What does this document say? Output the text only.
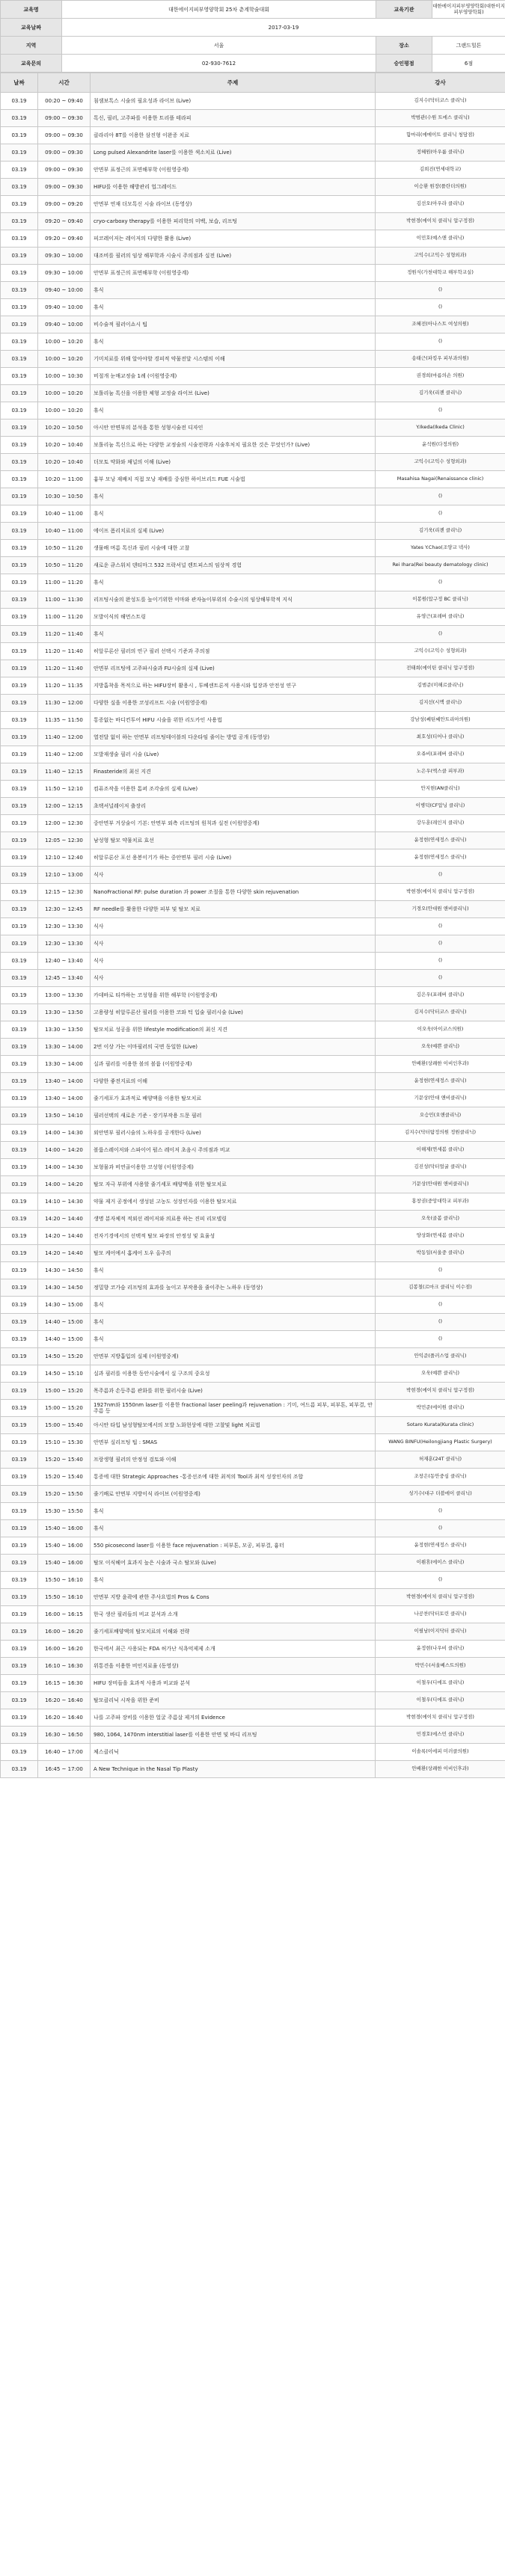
교육명	대한에이지피부영양학회 25차 춘계학술대회	교육기관	대한에이지피부영양학회(대한이지피부영양학회)
교육날짜	2017-03-19		
지역	서울	장소	그랜드힐튼
교육문의	02-930-7612	승인평점	6점
날짜	시간	주제	강사
03.19	00:20 ~ 09:40	침샘보톡스 시술의 필요성과 라이브 (Live)	김지수(닥터코스 클리닉)
03.19	09:00 ~ 09:30	톡신, 필러, 고주파를 이용한 트리플 테라피	박범관(수원 트에스 클리닉)
03.19	09:00 ~ 09:30	클라리아 8T를 이용한 삼진형 이완증 치료	함마리(에메이트 클리닉 청담점)
03.19	09:00 ~ 09:30	Long pulsed Alexandrite laser를 이용한 색소치료 (Live)	정혜원(아우룸 클리닉)
03.19	09:00 ~ 09:30	안면부 표정근의 포면해부학 (이원영중계)	김희진(연세대학교)
03.19	09:00 ~ 09:30	HIFU를 이용한 해방관리 업그레이드	이승환 원장(플란더의원)
03.19	09:00 ~ 09:20	안면부 연재 더모톡신 시술 라이브 (동영상)	김선오(아우라 클리닉)
03.19	09:20 ~ 09:40	cryo-carboxy therapy를 이용한 피리학의 미백, 보습, 리프팅	박현경(에이치 클리닉 압구정점)
03.19	09:20 ~ 09:40	피코레이저는 레이저의 다양한 활용 (Live)	이민호(예스앤 클리닉)
03.19	09:30 ~ 10:00	대조비를 필러의 임상 해부학과 시술시 주의점과 실전 (Live)	고익수(고익수 성형외과)
03.19	09:30 ~ 10:00	안면부 표정근의 표면해부학 (이원영중계)	정원식(가천대학교 해부학교실)
03.19	09:40 ~ 10:00	휴식	()
03.19	09:40 ~ 10:00	휴식	()
03.19	09:40 ~ 10:00	비수술적 필러이쇼시 팁	조혜전(아나스트 여성의원)
03.19	10:00 ~ 10:20	휴식	()
03.19	10:00 ~ 10:20	기미치료를 위해 알아야할 경피적 약물전달 시스템의 이해	송태근(파킹우 피부과의원)
03.19	10:00 ~ 10:30	비절개 눈매교정술 1례 (이원영중계)	권경희(마름의손 의원)
03.19	10:00 ~ 10:20	보톨리눔 톡신을 이용한 체형 교정술 라이브 (Live)	김기욱(리젠 클리닉)
03.19	10:00 ~ 10:20	휴식	()
03.19	10:20 ~ 10:50	아시안 안면부의 분석을 통한 성형시술전 디자인	Y.Ikeda(Ikeda Clinic)
03.19	10:20 ~ 10:40	보톨리눔 톡신으로 하는 다양한 교정술의 시술전략과 시술후처치 필요한 것은 무엇인가? (Live)	윤석원(다정의원)
03.19	10:20 ~ 10:40	더모토 약화와 채널의 이해 (Live)	고익수(고익수 성형외과)
03.19	10:20 ~ 11:00	흉부 모낭 재배치 직접 모낭 재배를 중심한 하이브리드 FUE 시술법	Masahisa Nagai(Renaissance clinic)
03.19	10:30 ~ 10:50	휴식	()
03.19	10:40 ~ 11:00	휴식	()
03.19	10:40 ~ 11:00	에이프 폼리치료의 실제 (Live)	김기욱(리젠 클리닉)
03.19	10:50 ~ 11:20	생물배 며름 톡신과 필러 시술에 대한 고찰	Yates Y.Chao(조양교 넥사)
03.19	10:50 ~ 11:20	새로운 큐스워치 덴티마그 532 프락셔널 렌트피스의 임상적 경험	Rei Ihara(Rei beauty dematology clinic)
03.19	11:00 ~ 11:20	휴식	()
03.19	11:00 ~ 11:30	리프팅시술의 완성도를 높이기위한 이마와 관자놀이부위의 수술시의 임상해부학적 지식	이봉원(압구정 BC 클리닉)
03.19	11:00 ~ 11:20	모발이식의 해먼스트링	유영근(포레버 클리닉)
03.19	11:20 ~ 11:40	휴식	()
03.19	11:20 ~ 11:40	히알루론산 필러의 연구 필러 선택시 기준과 주의점	고익수(고익수 성형외과)
03.19	11:20 ~ 11:40	안면부 리프팅에 고주파시술과 FU시술의 실제 (Live)	전태희(에이틴 클리닉 압구정점)
03.19	11:20 ~ 11:35	지방흡착을 목적으로 하는 HIFU장비 활용시 , 투베센트론적 사용시와 입장과 안전성 연구	김범준(미해르클리닉)
03.19	11:30 ~ 12:00	다양한 실을 이용한 코성리프트 시술 (이원영중계)	김지선(시맥 클리닉)
03.19	11:35 ~ 11:50	통증없는 바디컨투어 HIFU 시술을 위한 리도카인 사용법	강남성(쎄틴쎄안트리아의원)
03.19	11:40 ~ 12:00	열전달 없이 하는 안면부 리프팅테이블의 다운타임 줄이는 방법 공개 (동영상)	최호성(티어나 클리닉)
03.19	11:40 ~ 12:00	모발재생술 필러 시술 (Live)	오쥬비(포레버 클리닉)
03.19	11:40 ~ 12:15	Finasteride의 최신 지견	노은우(엑스클 피부과)
03.19	11:50 ~ 12:10	컴퓨조작을 이용한 톰퍼 조각술의 실제 (Live)	안지현(AN클리닉)
03.19	12:00 ~ 12:15	초택셔널레이저 출장리	이병덕(CF압닝 클리닉)
03.19	12:00 ~ 12:30	중안면부 거상술이 기본: 안면부 외측 리프팅의 원칙과 실전 (이원영중계)	강두훈(레인지 클리닉)
03.19	12:05 ~ 12:30	남성형 탈모 약물치료 효선	윤정현(연세정스 클리닉)
03.19	12:10 ~ 12:40	히알루론산 포선 용봉이기가 하는 중안면부 필러 시술 (Live)	윤정현(연세정스 클리닉)
03.19	12:10 ~ 13:00	식사	()
03.19	12:15 ~ 12:30	NanoFractional RF: pulse duration 과 power 조절을 통한 다양한 skin rejuvenation	박현경(에이치 클리닉 압구정점)
03.19	12:30 ~ 12:45	RF needle를 활용한 다양한 피부 및 탈모 치료	기경오(안대원 앤비클리닉)
03.19	12:30 ~ 13:30	식사	()
03.19	12:30 ~ 13:30	식사	()
03.19	12:40 ~ 13:40	식사	()
03.19	12:45 ~ 13:40	식사	()
03.19	13:00 ~ 13:30	카데바로 티까하는 코성형을 위한 해부학 (이원영중계)	김은우(포레버 클리닉)
03.19	13:30 ~ 13:50	고용량성 히알루론산 필러를 이용한 코와 턱 입술 필러시술 (Live)	김지수(닥터코스 클리닉)
03.19	13:30 ~ 13:50	탈모치료 성공을 위한 lifestyle modification의 최신 지견	이오욱(아이코스의원)
03.19	13:30 ~ 14:00	2번 이상 가는 이마필러의 국면 동일한 (Live)	오욱(예쁜 클리닉)
03.19	13:30 ~ 14:00	실과 필러를 이용한 볼의 볼륨 (이원영중계)	안배환(상쾌한 이비인후과)
03.19	13:40 ~ 14:00	다양한 좋전지료의 이해	윤정현(연세정스 클리닉)
03.19	13:40 ~ 14:00	줄기세포가 효과적로 배양액을 이용한 탈모치료	기문상(안대 앤비클리닉)
03.19	13:50 ~ 14:10	필러선택의 새로운 기준 - 장기부작용 드문 필러	오승민(오앤클리닉)
03.19	14:00 ~ 14:30	외안면부 필러시술의 노하우를 공개한다 (Live)	김지수(닥터탐정의원 정원클리닉)
03.19	14:00 ~ 14:20	볼륨스레이저와 스파이어 펄스 레이저 초음시 주의점과 비교	이해제(연세봄 클리닉)
03.19	14:00 ~ 14:30	보형물과 비연골이용한 코성형 (이원영중계)	김진성(닥터얼굴 클리닉)
03.19	14:00 ~ 14:20	탈모 자극 부위에 사용할 줄기세포 배양액을 위한 탈모치료	기문상(안대원 앤비클리닉)
03.19	14:10 ~ 14:30	약물 제거 공정에서 생성된 고농도 성장인자를 이용한 탈모치료	홍창권(중앙대학교 피부과)
03.19	14:20 ~ 14:40	생명 분자체적 적외선 레이저와 의료용 하는 진피 리모델링	오욱(골봄 클리닉)
03.19	14:20 ~ 14:40	전자기경에서의 선택적 탈모 파장의 안정성 및 효율성	양상화(연세봄 클리닉)
03.19	14:20 ~ 14:40	탈모 케어에서 홈케어 도우 올주의	박동일(서울중 클리닉)
03.19	14:30 ~ 14:50	휴식	()
03.19	14:30 ~ 14:50	정밀향 코가슴 리프팅의 효과를 높이고 부작용을 줄이주는 노하우 (동영상)	김봉철(르마크 클리닉 이수점)
03.19	14:30 ~ 15:00	휴식	()
03.19	14:40 ~ 15:00	휴식	()
03.19	14:40 ~ 15:00	휴식	()
03.19	14:50 ~ 15:20	안면부 지방흡입의 실제 (이원영중계)	안익준(플러스업 클리닉)
03.19	14:50 ~ 15:10	실과 필러를 이용한 동안시술에서 실 구조의 중요성	오욱(예쁜 클리닉)
03.19	15:00 ~ 15:20	목주름과 손등주름 관화를 위한 필러시술 (Live)	박현경(에이치 클리닉 압구정점)
03.19	15:00 ~ 15:20	1927nm와 1550nm laser를 이용한 fractional laser peeling과 rejuvenation : 기미, 여드름 피부, 피부톤, 피부결, 안주름 등	박민준(에이원 클리닉)
03.19	15:00 ~ 15:40	아시안 타입 남성형탈모에서의 모발 노화현상에 대한 고찰및 light 치료법	Sotaro Kurata(Kurata clinic)
03.19	15:10 ~ 15:30	안면부 실리프팅 팁 : SMAS	WANG BINFU(Heilongjiang Plastic Surgery)
03.19	15:20 ~ 15:40	프랑생형 필러의 안정성 검토와 이해	허재훈(24T 클리닉)
03.19	15:20 ~ 15:40	통증에 대한 Strategic Approaches -통증선조에 대한 최적의 Tool과 최적 성장인자의 조합	조창은(동안중심 클리닉)
03.19	15:20 ~ 15:50	줄기배로 안면부 지방이식 라이브 (이원영중계)	성기수(대구 더블에이 클리닉)
03.19	15:30 ~ 15:50	휴식	()
03.19	15:40 ~ 16:00	휴식	()
03.19	15:40 ~ 16:00	550 picosecond laser를 이용한 face rejuvenation : 피부톤, 모공, 피부결, 흉터	윤정현(연세정스 클리닉)
03.19	15:40 ~ 16:00	탈모 이식헤어 효과지 높은 시술과 국소 탈모와 (Live)	이뤈휴(에이스 클리닉)
03.19	15:50 ~ 16:10	휴식	()
03.19	15:50 ~ 16:10	안면부 지방 윤곽에 관한 주사요법의 Pros & Cons	박현경(에이치 클리닉 압구정점)
03.19	16:00 ~ 16:15	한국 생산 필러들의 비교 분석과 소개	나공찬(닥터토린 클리닉)
03.19	16:00 ~ 16:20	줄기세포배양액의 탈모치료의 이해와 전략	이필남(이지닥터 클리닉)
03.19	16:00 ~ 16:20	한국에서 최근 사용되는 FDA 허가난 식욕억제제 소개	윤정현(나우비 클리닉)
03.19	16:10 ~ 16:30	위통견을 이용한 비인지료율 (동영상)	박민수(서울베스트의원)
03.19	16:15 ~ 16:30	HIFU 장비들을 효과적 사용과 비교와 분석	이철우(디에프 클리닉)
03.19	16:20 ~ 16:40	탈모클리닉 시작을 위한 준비	이철우(디에프 클리닉)
03.19	16:20 ~ 16:40	나를 고주파 장비를 이용한 얼굴 주름살 제거의 Evidence	박현경(에이치 클리닉 압구정점)
03.19	16:30 ~ 16:50	980, 1064, 1470nm interstitial laser를 이용한 안면 및 바디 리프팅	민경호(에스민 클리닉)
03.19	16:40 ~ 17:00	체스클리닉	이솔록(이에피 미러클의원)
03.19	16:45 ~ 17:00	A New Technique in the Nasal Tip Plasty	안배환(상쾌한 이비인후과)
